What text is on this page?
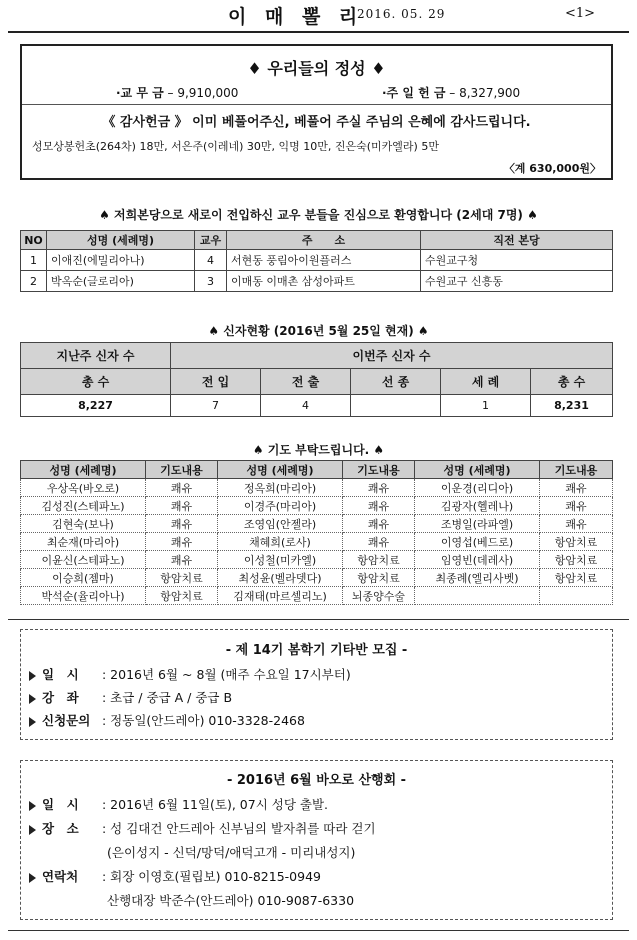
이 매 뽈 리
2016. 05. 29	<1>
♦ 우리들의 정성 ♦
·교 무 금 – 9,910,000	·주 일 헌 금 – 8,327,900
《 감사헌금 》 이미 베풀어주신, 베풀어 주실 주님의 은혜에 감사드립니다.
성모상봉헌초(264차) 18만, 서은주(이레네) 30만, 익명 10만, 진은숙(미카엘라) 5만
〈계 630,000원〉
♠ 저희본당으로 새로이 전입하신 교우 분들을 진심으로 환영합니다 (2세대 7명) ♠
NO	성명 (세례명)	교우	주　　소	직전 본당
1	이애진(에밀리아나)	4	서현동 풍림아이원플러스	수원교구청
2	박옥순(글로리아)	3	이매동 이매촌 삼성아파트	수원교구 신흥동
♠ 신자현황 (2016년 5월 25일 현재) ♠
지난주 신자 수	이번주 신자 수				
총 수	전 입	전 출	선 종	세 례	총 수
8,227	7	4		1	8,231
♠ 기도 부탁드립니다. ♠
성명 (세례명)	기도내용	성명 (세례명)	기도내용	성명 (세례명)	기도내용
우상옥(바오로)	쾌유	정옥희(마리아)	쾌유	이운경(리디아)	쾌유
김성진(스테파노)	쾌유	이경주(마리아)	쾌유	김광자(헬레나)	쾌유
김현숙(보나)	쾌유	조영임(안젤라)	쾌유	조병일(라파엘)	쾌유
최순재(마리아)	쾌유	채혜희(로사)	쾌유	이영섭(베드로)	항암치료
이윤신(스테파노)	쾌유	이성철(미카엘)	항암치료	임영빈(데레사)	항암치료
이승희(젬마)	항암치료	최성윤(벨라뎃다)	항암치료	최종례(엘리사벳)	항암치료
박석순(율리아나)	항암치료	김재태(마르셀리노)	뇌종양수술		
- 제 14기 봄학기 기타반 모집 -
일　시 : 2016년 6월 ~ 8월 (매주 수요일 17시부터)
강　좌 : 초급 / 중급 A / 중급 B
신청문의 : 정동일(안드레아) 010-3328-2468
- 2016년 6월 바오로 산행회 -
일　시 : 2016년 6월 11일(토), 07시 성당 출발.
장　소 : 성 김대건 안드레아 신부님의 발자취를 따라 걷기
(은이성지 - 신덕/망덕/애덕고개 - 미리내성지)
연락처 : 회장 이영호(필립보) 010-8215-0949
산행대장 박준수(안드레아) 010-9087-6330
